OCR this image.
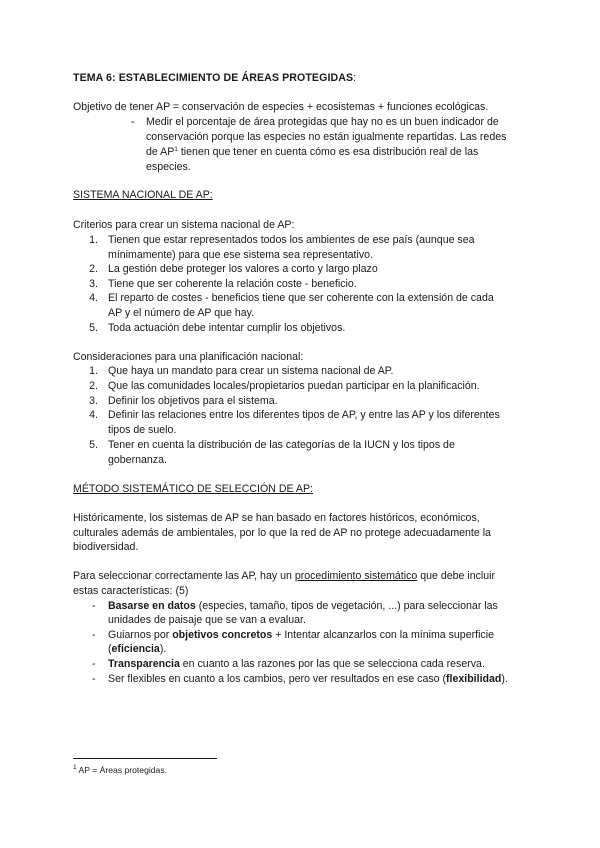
TEMA 6: ESTABLECIMIENTO DE ÁREAS PROTEGIDAS:
Objetivo de tener AP = conservación de especies + ecosistemas + funciones ecológicas.
- Medir el porcentaje de área protegidas que hay no es un buen indicador de
conservación porque las especies no están igualmente repartidas. Las redes
de $AP^1$ tienen que tener en cuenta cómo es esa distribución real de las
especies.
SISTEMA NACIONAL DE AP:
Criterios para crear un sistema nacional de AP:
1. Tienen que estar representados todos los ambientes de ese país (aunque sea
mínimamente) para que ese sistema sea representativo.
2. La gestión debe proteger los valores a corto y largo plazo
3. Tiene que ser coherente la relación coste - beneficio.
4. El reparto de costes - beneficios tiene que ser coherente con la extensión de cada
AP y el número de AP que hay.
5. Toda actuación debe intentar cumplir los objetivos.
Consideraciones para una planificación nacional:
1. Que haya un mandato para crear un sistema nacional de AP.
2. Que las comunidades locales/propietarios puedan participar en la planificación.
3. Definir los objetivos para el sistema.
4. Definir las relaciones entre los diferentes tipos de AP, y entre las AP y los diferentes
tipos de suelo.
5. Tener en cuenta la distribución de las categorías de la IUCN y los tipos de
gobernanza.
MÉTODO SISTEMÁTICO DE SELECCIÓN DE AP:
Históricamente, los sistemas de AP se han basado en factores históricos, económicos,
culturales además de ambientales, por lo que la red de AP no protege adecuadamente la
biodiversidad.
Para seleccionar correctamente las AP, hay un procedimiento sistemático que debe incluir
estas características: (5)
- Basarse en datos (especies, tamaño, tipos de vegetación, ...) para seleccionar las
unidades de paisaje que se van a evaluar.
- Guiarnos por objetivos concretos + Intentar alcanzarlos con la mínima superficie
(eficiencia).
- Transparencia en cuanto a las razones por las que se selecciona cada reserva.
- Ser flexibles en cuanto a los cambios, pero ver resultados en ese caso (flexibilidad).
$^1$ AP = Áreas protegidas.
